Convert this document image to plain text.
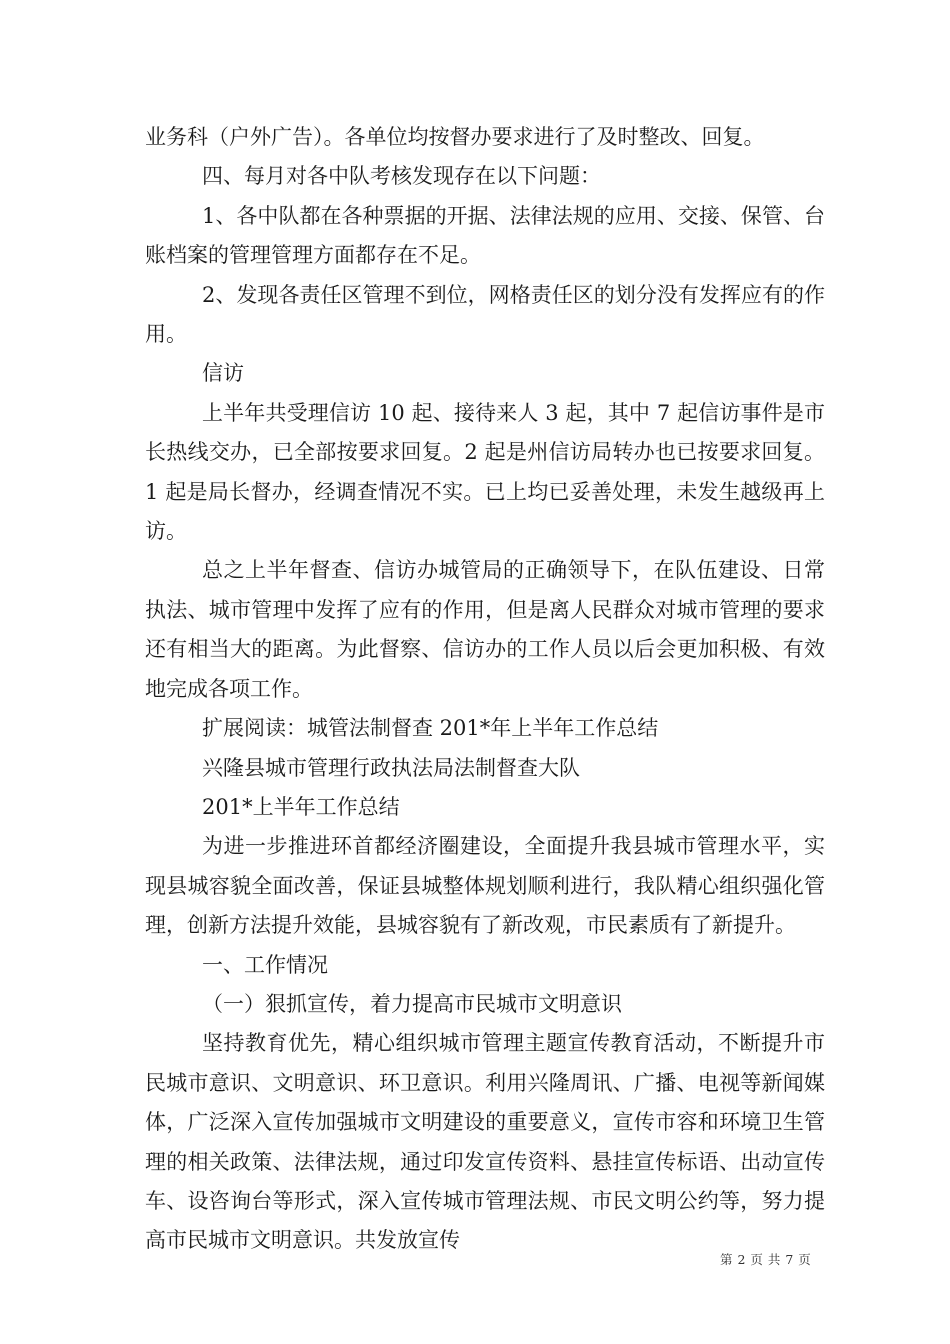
业务科（户外广告）。各单位均按督办要求进行了及时整改、回复。

四、每月对各中队考核发现存在以下问题：

1、各中队都在各种票据的开据、法律法规的应用、交接、保管、台账档案的管理管理方面都存在不足。

2、发现各责任区管理不到位，网格责任区的划分没有发挥应有的作用。

信访

上半年共受理信访 10 起、接待来人 3 起，其中 7 起信访事件是市长热线交办，已全部按要求回复。2 起是州信访局转办也已按要求回复。1 起是局长督办，经调查情况不实。已上均已妥善处理，未发生越级再上访。

总之上半年督查、信访办城管局的正确领导下，在队伍建设、日常执法、城市管理中发挥了应有的作用，但是离人民群众对城市管理的要求还有相当大的距离。为此督察、信访办的工作人员以后会更加积极、有效地完成各项工作。

扩展阅读：城管法制督查 201*年上半年工作总结

兴隆县城市管理行政执法局法制督查大队

201*上半年工作总结

为进一步推进环首都经济圈建设，全面提升我县城市管理水平，实现县城容貌全面改善，保证县城整体规划顺利进行，我队精心组织强化管理，创新方法提升效能，县城容貌有了新改观，市民素质有了新提升。

一、工作情况

（一）狠抓宣传，着力提高市民城市文明意识

坚持教育优先，精心组织城市管理主题宣传教育活动，不断提升市民城市意识、文明意识、环卫意识。利用兴隆周讯、广播、电视等新闻媒体，广泛深入宣传加强城市文明建设的重要意义，宣传市容和环境卫生管理的相关政策、法律法规，通过印发宣传资料、悬挂宣传标语、出动宣传车、设咨询台等形式，深入宣传城市管理法规、市民文明公约等，努力提高市民城市文明意识。共发放宣传

第 2 页 共 7 页
